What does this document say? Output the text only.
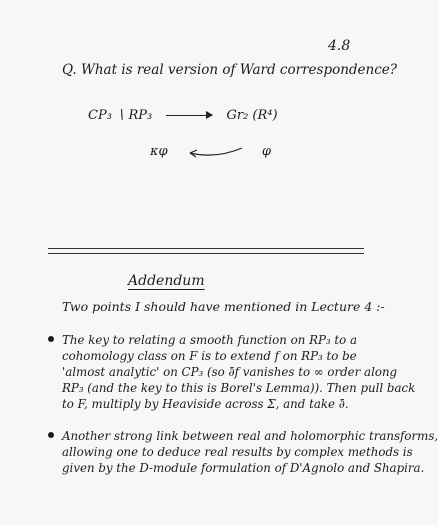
4.8
Q. What is real version of Ward correspondence?
CP₃ ∖ RP₃	Gr₂ (R⁴)
κφ	φ
Addendum
Two points I should have mentioned in Lecture 4 :-
The key to relating a smooth function on RP₃ to a
cohomology class on F is to extend f on RP₃ to be
'almost analytic' on CP₃ (so ∂̄f vanishes to ∞ order along
RP₃ (and the key to this is Borel's Lemma)). Then pull back
to F, multiply by Heaviside across Σ, and take ∂̄.
Another strong link between real and holomorphic transforms,
allowing one to deduce real results by complex methods is
given by the D-module formulation of D'Agnolo and Shapira.
